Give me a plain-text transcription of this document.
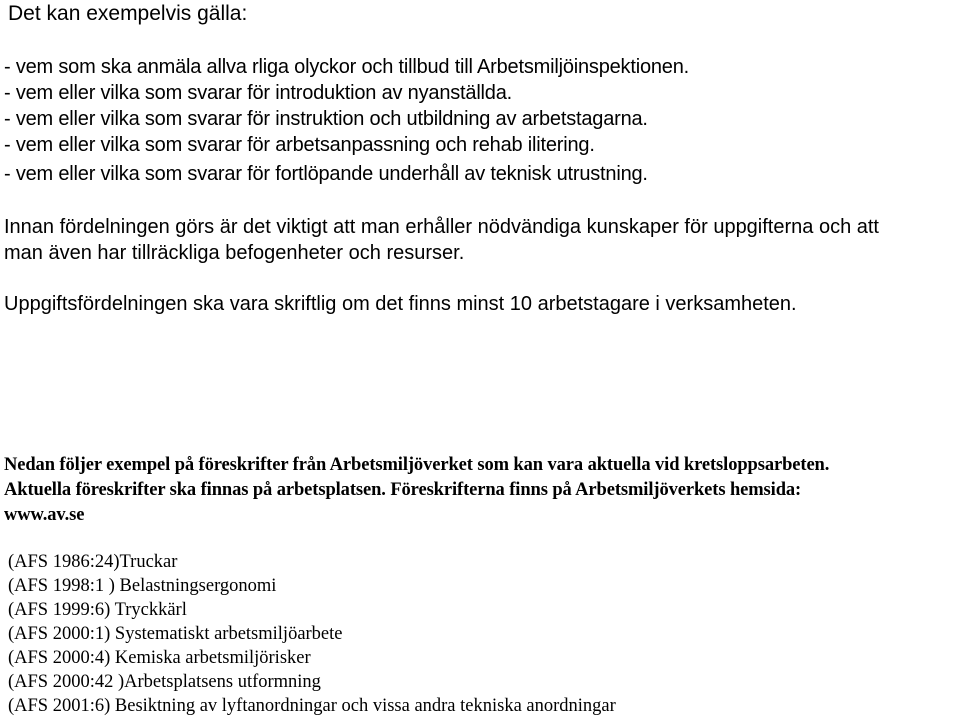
Det kan exempelvis gälla:

- vem som ska anmäla allva rliga olyckor och tillbud till Arbetsmiljöinspektionen.

- vem eller vilka som svarar för introduktion av nyanställda.

- vem eller vilka som svarar för instruktion och utbildning av arbetstagarna.

- vem eller vilka som svarar för arbetsanpassning och rehab ilitering.

- vem eller vilka som svarar för fortlöpande underhåll av teknisk utrustning.

Innan fördelningen görs är det viktigt att man erhåller nödvändiga kunskaper för uppgifterna och att

man även har tillräckliga befogenheter och resurser.

Uppgiftsfördelningen ska vara skriftlig om det finns minst 10 arbetstagare i verksamheten.

Nedan följer exempel på föreskrifter från Arbetsmiljöverket som kan vara aktuella vid kretsloppsarbeten.

Aktuella föreskrifter ska finnas på arbetsplatsen. Föreskrifterna finns på Arbetsmiljöverkets hemsida:

www.av.se

(AFS 1986:24)Truckar

(AFS 1998:1 ) Belastningsergonomi

(AFS 1999:6) Tryckkärl

(AFS 2000:1) Systematiskt arbetsmiljöarbete

(AFS 2000:4) Kemiska arbetsmiljörisker

(AFS 2000:42 )Arbetsplatsens utformning

(AFS 2001:6) Besiktning av lyftanordningar och vissa andra tekniska anordningar
